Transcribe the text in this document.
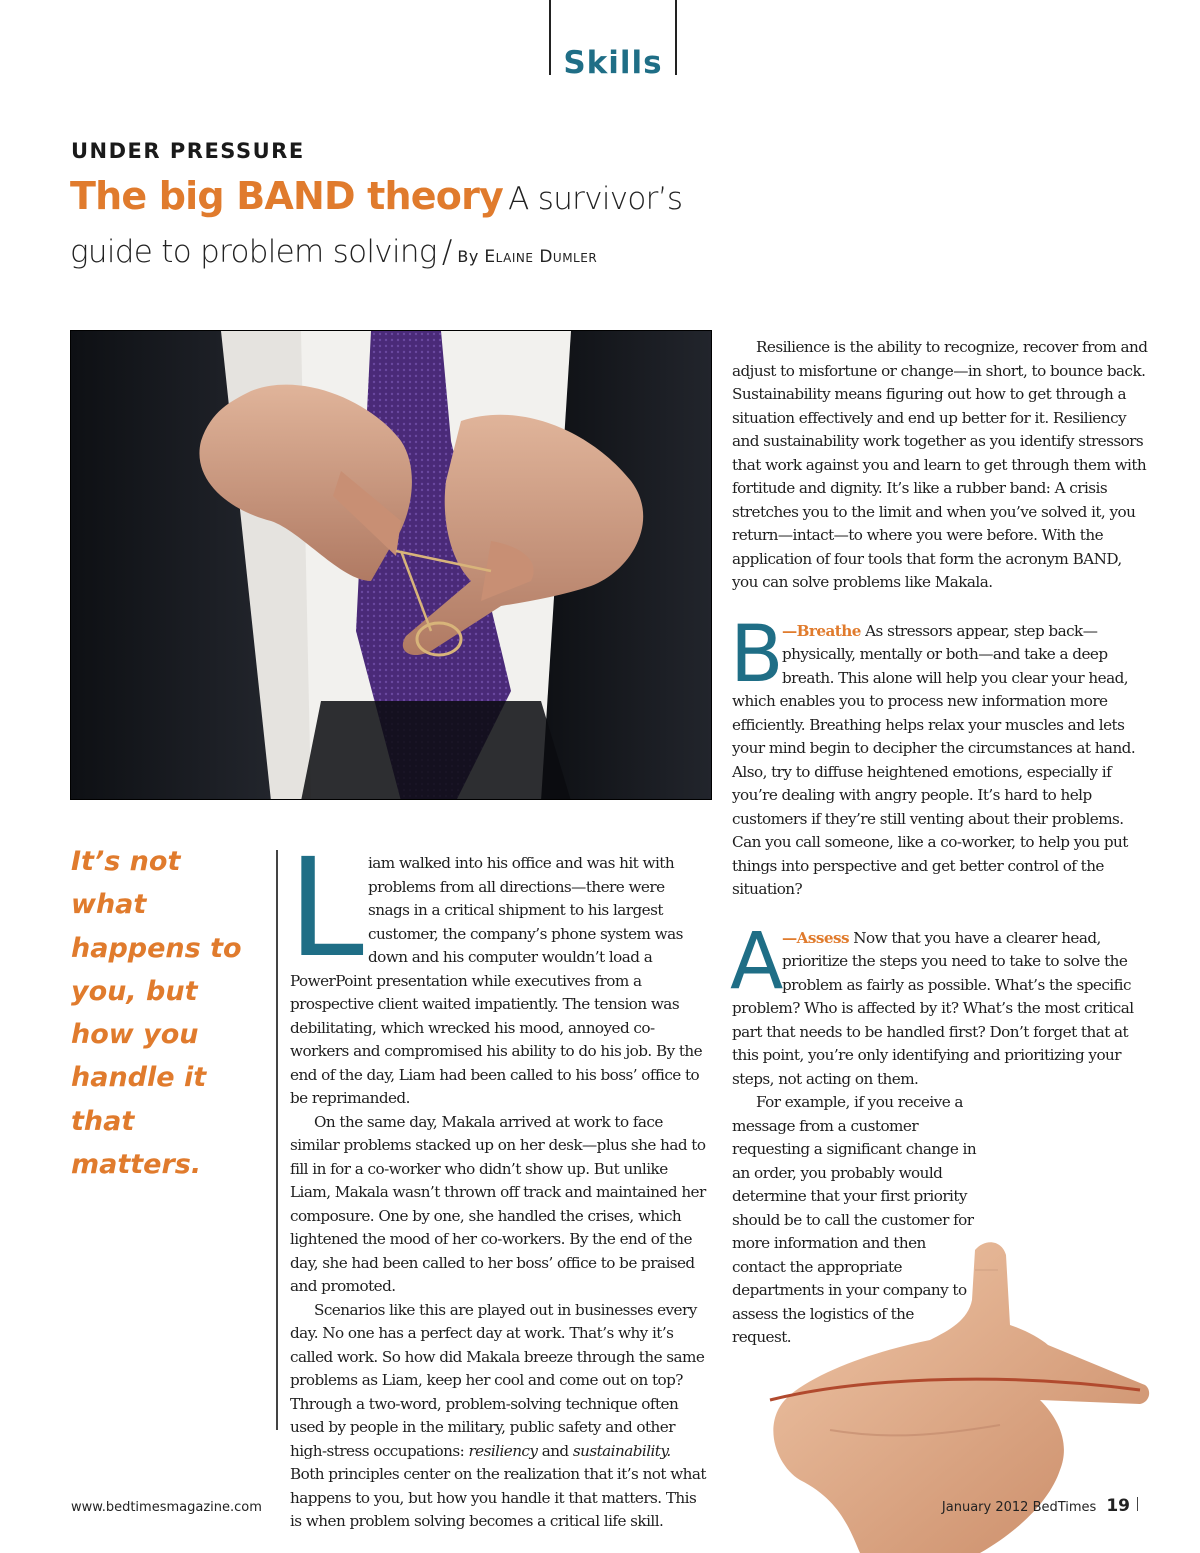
Skills
UNDER PRESSURE
The big BAND theory A survivor’s guide to problem solving / By Elaine Dumler
It’s not what happens to you, but how you handle it that matters.

Liam walked into his office and was hit with problems from all directions—there were snags in a critical shipment to his largest customer, the company’s phone system was down and his computer wouldn’t load a PowerPoint presentation while executives from a prospective client waited impatiently. The tension was debilitating, which wrecked his mood, annoyed co-workers and compromised his ability to do his job. By the end of the day, Liam had been called to his boss’ office to be reprimanded.

On the same day, Makala arrived at work to face similar problems stacked up on her desk—plus she had to fill in for a co-worker who didn’t show up. But unlike Liam, Makala wasn’t thrown off track and maintained her composure. One by one, she handled the crises, which lightened the mood of her co-workers. By the end of the day, she had been called to her boss’ office to be praised and promoted.

Scenarios like this are played out in businesses every day. No one has a perfect day at work. That’s why it’s called work. So how did Makala breeze through the same problems as Liam, keep her cool and come out on top? Through a two-word, problem-solving technique often used by people in the military, public safety and other high-stress occupations: resiliency and sustainability. Both principles center on the realization that it’s not what happens to you, but how you handle it that matters. This is when problem solving becomes a critical life skill.

Resilience is the ability to recognize, recover from and adjust to misfortune or change—in short, to bounce back. Sustainability means figuring out how to get through a situation effectively and end up better for it. Resiliency and sustainability work together as you identify stressors that work against you and learn to get through them with fortitude and dignity. It’s like a rubber band: A crisis stretches you to the limit and when you’ve solved it, you return—intact—to where you were before. With the application of four tools that form the acronym BAND, you can solve problems like Makala.

B —Breathe As stressors appear, step back—physically, mentally or both—and take a deep breath. This alone will help you clear your head, which enables you to process new information more efficiently. Breathing helps relax your muscles and lets your mind begin to decipher the circumstances at hand. Also, try to diffuse heightened emotions, especially if you’re dealing with angry people. It’s hard to help customers if they’re still venting about their problems. Can you call someone, like a co-worker, to help you put things into perspective and get better control of the situation?

A —Assess Now that you have a clearer head, prioritize the steps you need to take to solve the problem as fairly as possible. What’s the specific problem? Who is affected by it? What’s the most critical part that needs to be handled first? Don’t forget that at this point, you’re only identifying and prioritizing your steps, not acting on them.

For example, if you receive a message from a customer requesting a significant change in an order, you probably would determine that your first priority should be to call the customer for more information and then contact the appropriate departments in your company to assess the logistics of the request.

www.bedtimesmagazine.com	January 2012
BedTimes 19
